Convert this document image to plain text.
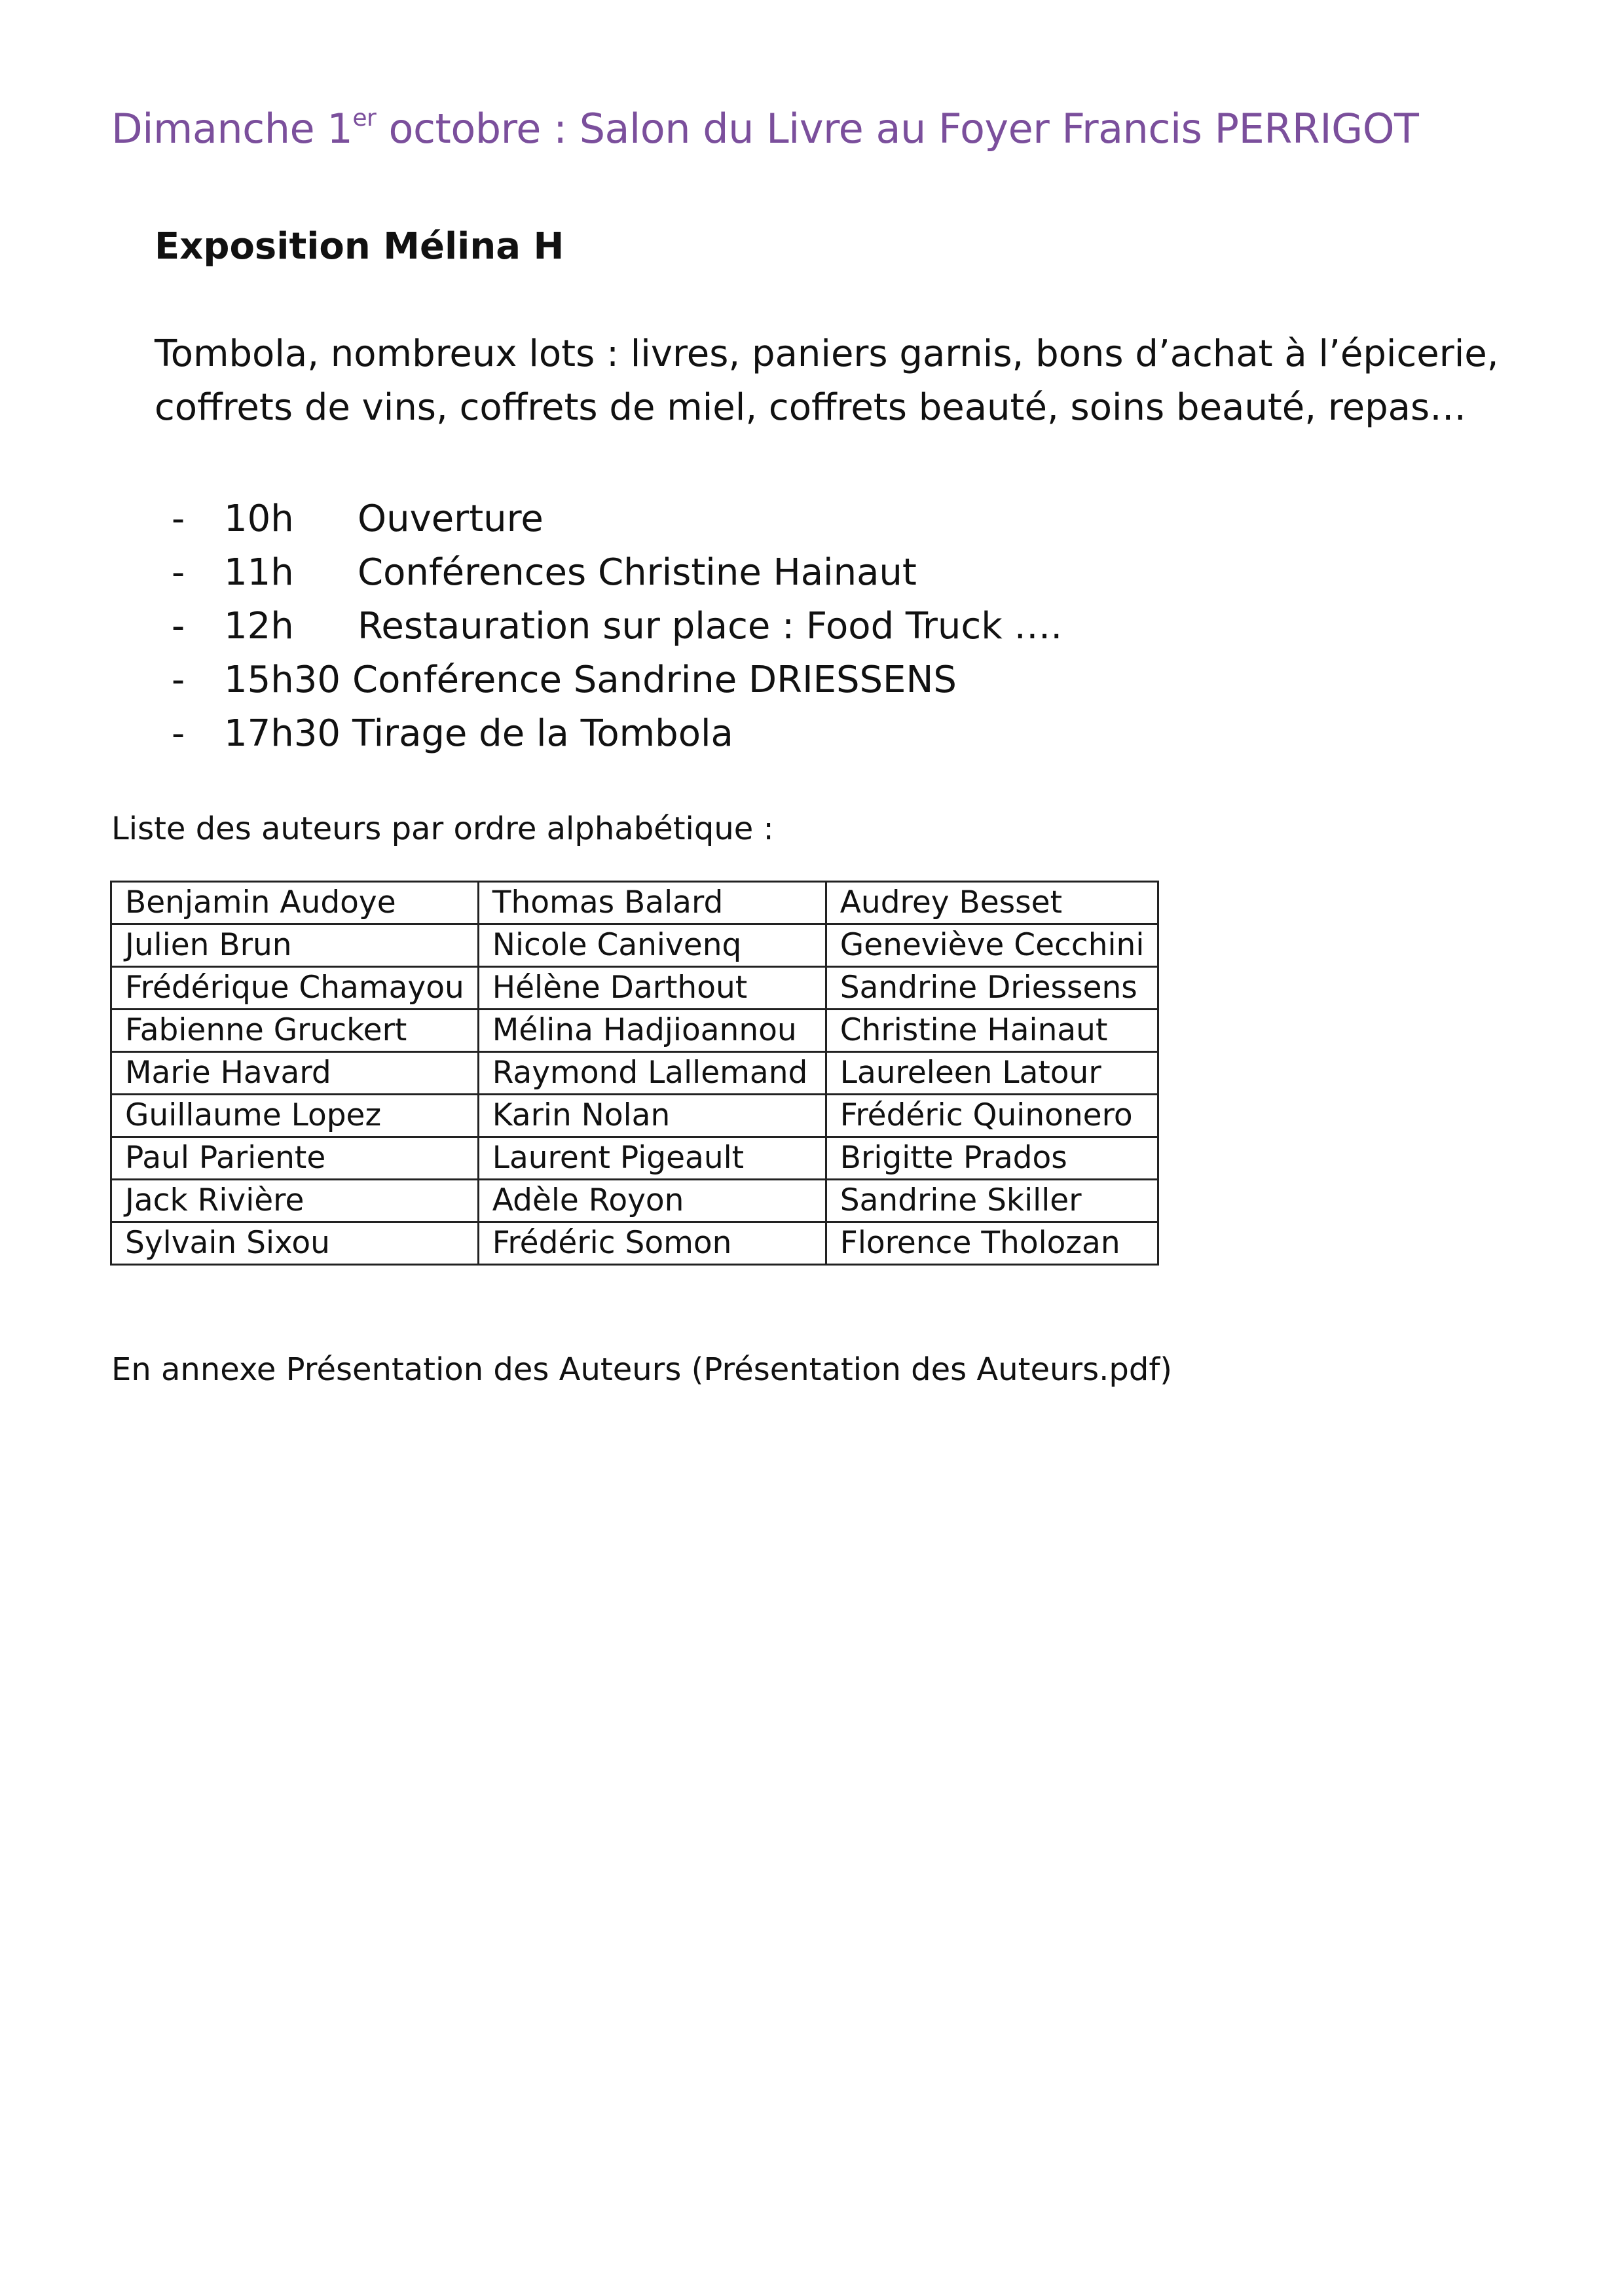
Dimanche 1er octobre : Salon du Livre au Foyer Francis PERRIGOT
Exposition Mélina H
Tombola, nombreux lots : livres, paniers garnis, bons d’achat à l’épicerie,
coffrets de vins, coffrets de miel, coffrets beauté, soins beauté, repas…
- 10h Ouverture
- 11h Conférences Christine Hainaut
- 12h Restauration sur place : Food Truck ….
- 15h30 Conférence Sandrine DRIESSENS
- 17h30 Tirage de la Tombola
Liste des auteurs par ordre alphabétique :
Benjamin Audoye	Thomas Balard	Audrey Besset
Julien Brun	Nicole Canivenq	Geneviève Cecchini
Frédérique Chamayou	Hélène Darthout	Sandrine Driessens
Fabienne Gruckert	Mélina Hadjioannou	Christine Hainaut
Marie Havard	Raymond Lallemand	Laureleen Latour
Guillaume Lopez	Karin Nolan	Frédéric Quinonero
Paul Pariente	Laurent Pigeault	Brigitte Prados
Jack Rivière	Adèle Royon	Sandrine Skiller
Sylvain Sixou	Frédéric Somon	Florence Tholozan
En annexe Présentation des Auteurs (Présentation des Auteurs.pdf)
